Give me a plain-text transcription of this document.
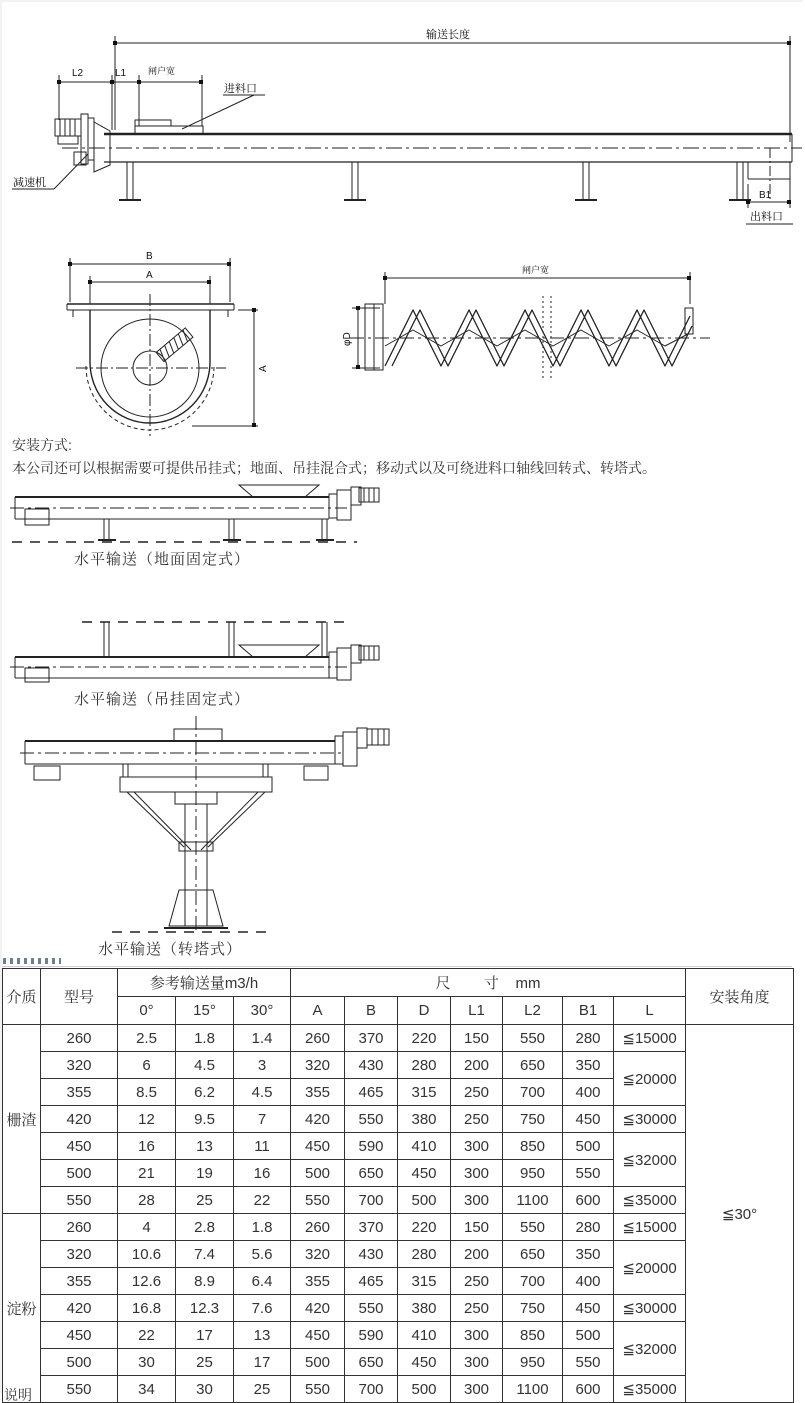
输送长度
L2	L1 闸户宽
进料口
减速机
B1
出料口
B
A
A
闸户宽
φD
安装方式:
本公司还可以根据需要可提供吊挂式；地面、吊挂混合式；移动式以及可绕进料口轴线回转式、转塔式。
水平输送（地面固定式）
水平输送（吊挂固定式）
水平输送（转塔式）
介质	型号	参考输送量m3/h			尺        寸    mm							安装角度
		0°	15°	30°	A	B	D	L1	L2	B1	L	
栅渣	260	2.5	1.8	1.4	260	370	220	150	550	280	≦15000	≦30°
	320	6	4.5	3	320	430	280	200	650	350	≦20000	
	355	8.5	6.2	4.5	355	465	315	250	700	400		
	420	12	9.5	7	420	550	380	250	750	450	≦30000	
	450	16	13	11	450	590	410	300	850	500	≦32000	
	500	21	19	16	500	650	450	300	950	550		
	550	28	25	22	550	700	500	300	1100	600	≦35000	
淀粉	260	4	2.8	1.8	260	370	220	150	550	280	≦15000	
	320	10.6	7.4	5.6	320	430	280	200	650	350	≦20000	
	355	12.6	8.9	6.4	355	465	315	250	700	400		
	420	16.8	12.3	7.6	420	550	380	250	750	450	≦30000	
	450	22	17	13	450	590	410	300	850	500	≦32000	
	500	30	25	17	500	650	450	300	950	550		
	550	34	30	25	550	700	500	300	1100	600	≦35000	
说明
